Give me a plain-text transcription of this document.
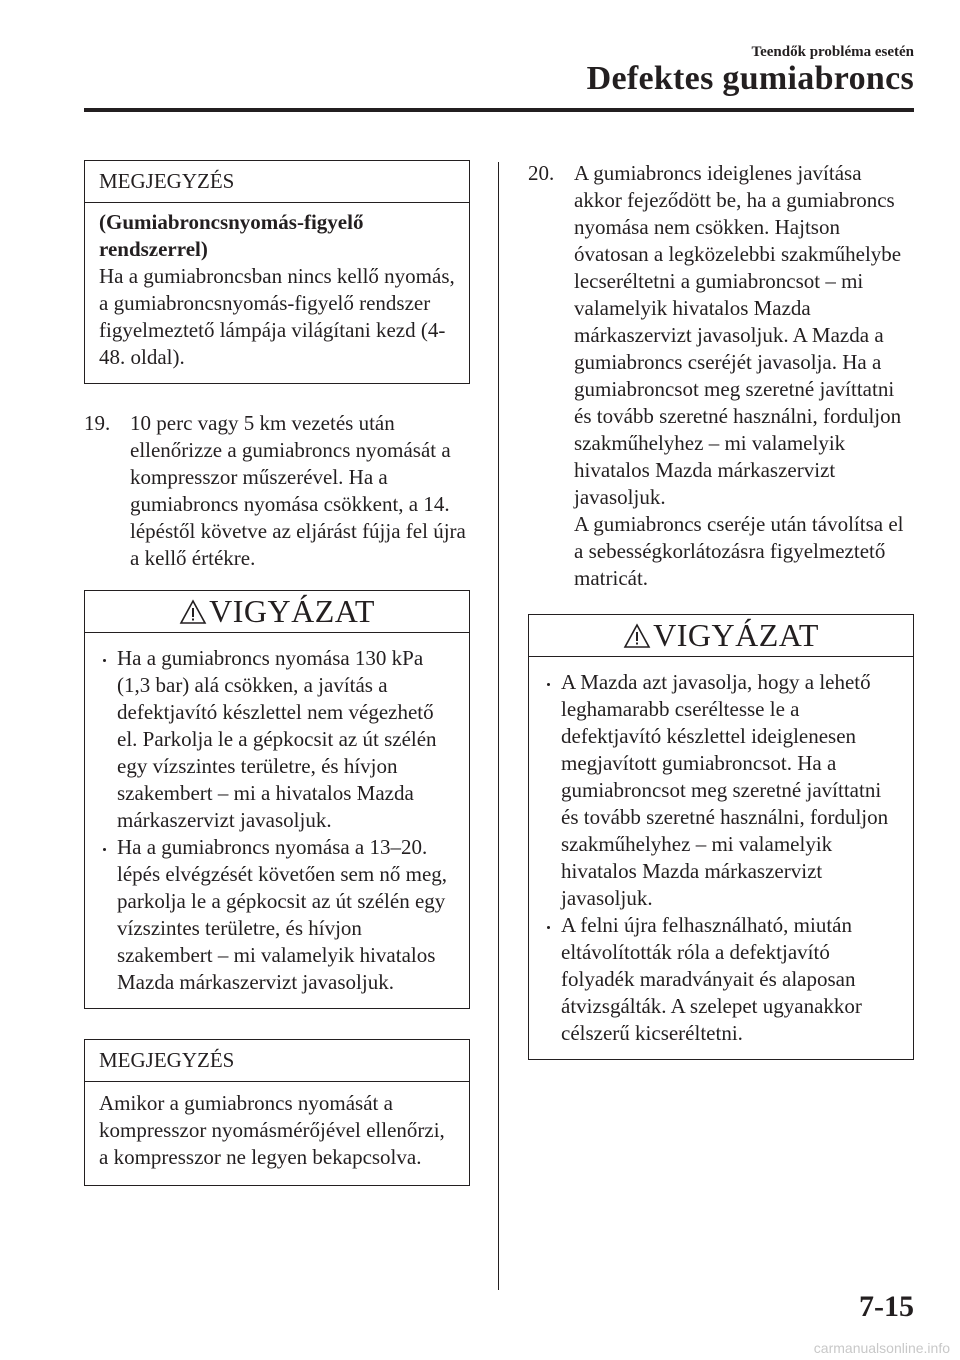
Teendők probléma esetén
Defektes gumiabroncs
MEGJEGYZÉS
(Gumiabroncsnyomás-figyelő rendszerrel)
Ha a gumiabroncsban nincs kellő nyomás, a gumiabroncsnyomás-figyelő rendszer figyelmeztető lámpája világítani kezd (4-48. oldal).
19. 10 perc vagy 5 km vezetés után ellenőrizze a gumiabroncs nyomását a kompresszor műszerével. Ha a gumiabroncs nyomása csökkent, a 14. lépéstől követve az eljárást fújja fel újra a kellő értékre.
VIGYÁZAT
Ha a gumiabroncs nyomása 130 kPa (1,3 bar) alá csökken, a javítás a defektjavító készlettel nem végezhető el. Parkolja le a gépkocsit az út szélén egy vízszintes területre, és hívjon szakembert – mi a hivatalos Mazda márkaszervizt javasoljuk.
Ha a gumiabroncs nyomása a 13–20. lépés elvégzését követően sem nő meg, parkolja le a gépkocsit az út szélén egy vízszintes területre, és hívjon szakembert – mi valamelyik hivatalos Mazda márkaszervizt javasoljuk.
MEGJEGYZÉS
Amikor a gumiabroncs nyomását a kompresszor nyomásmérőjével ellenőrzi, a kompresszor ne legyen bekapcsolva.
20. A gumiabroncs ideiglenes javítása akkor fejeződött be, ha a gumiabroncs nyomása nem csökken. Hajtson óvatosan a legközelebbi szakműhelybe lecseréltetni a gumiabroncsot – mi valamelyik hivatalos Mazda márkaszervizt javasoljuk. A Mazda a gumiabroncs cseréjét javasolja. Ha a gumiabroncsot meg szeretné javíttatni és tovább szeretné használni, forduljon szakműhelyhez – mi valamelyik hivatalos Mazda márkaszervizt javasoljuk.
A gumiabroncs cseréje után távolítsa el a sebességkorlátozásra figyelmeztető matricát.
VIGYÁZAT
A Mazda azt javasolja, hogy a lehető leghamarabb cseréltesse le a defektjavító készlettel ideiglenesen megjavított gumiabroncsot. Ha a gumiabroncsot meg szeretné javíttatni és tovább szeretné használni, forduljon szakműhelyhez – mi valamelyik hivatalos Mazda márkaszervizt javasoljuk.
A felni újra felhasználható, miután eltávolították róla a defektjavító folyadék maradványait és alaposan átvizsgálták. A szelepet ugyanakkor célszerű kicseréltetni.
7-15
carmanualsonline.info
